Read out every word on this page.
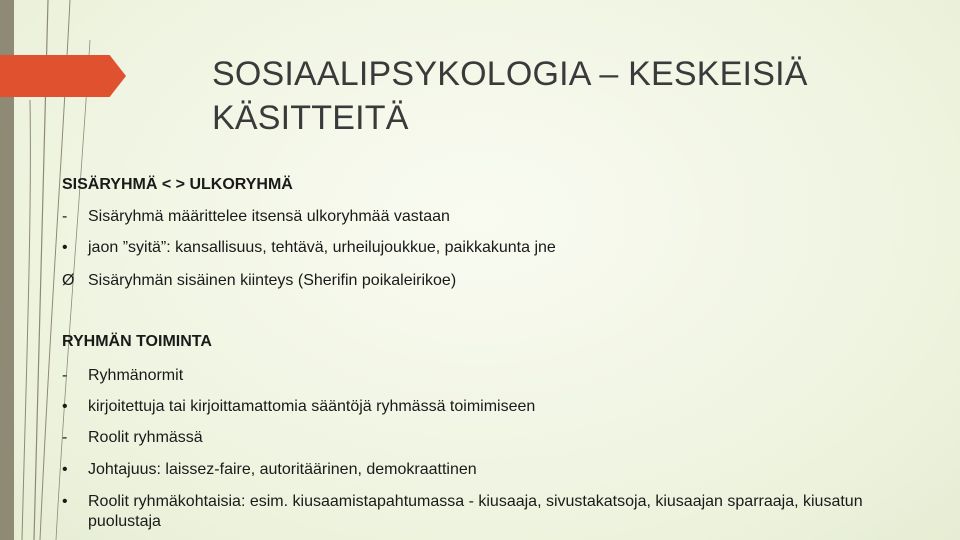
SOSIAALIPSYKOLOGIA – KESKEISIÄ
KÄSITTEITÄ
SISÄRYHMÄ < > ULKORYHMÄ
-	Sisäryhmä määrittelee itsensä ulkoryhmää vastaan
•	jaon ”syitä”: kansallisuus, tehtävä, urheilujoukkue, paikkakunta jne
Ø Sisäryhmän sisäinen kiinteys (Sherifin poikaleirikoe)
RYHMÄN TOIMINTA
-	Ryhmänormit
•	kirjoitettuja tai kirjoittamattomia sääntöjä ryhmässä toimimiseen
-	Roolit ryhmässä
•	Johtajuus: laissez-faire, autoritäärinen, demokraattinen
•	Roolit ryhmäkohtaisia: esim. kiusaamistapahtumassa - kiusaaja, sivustakatsoja, kiusaajan sparraaja, kiusatun puolustaja
